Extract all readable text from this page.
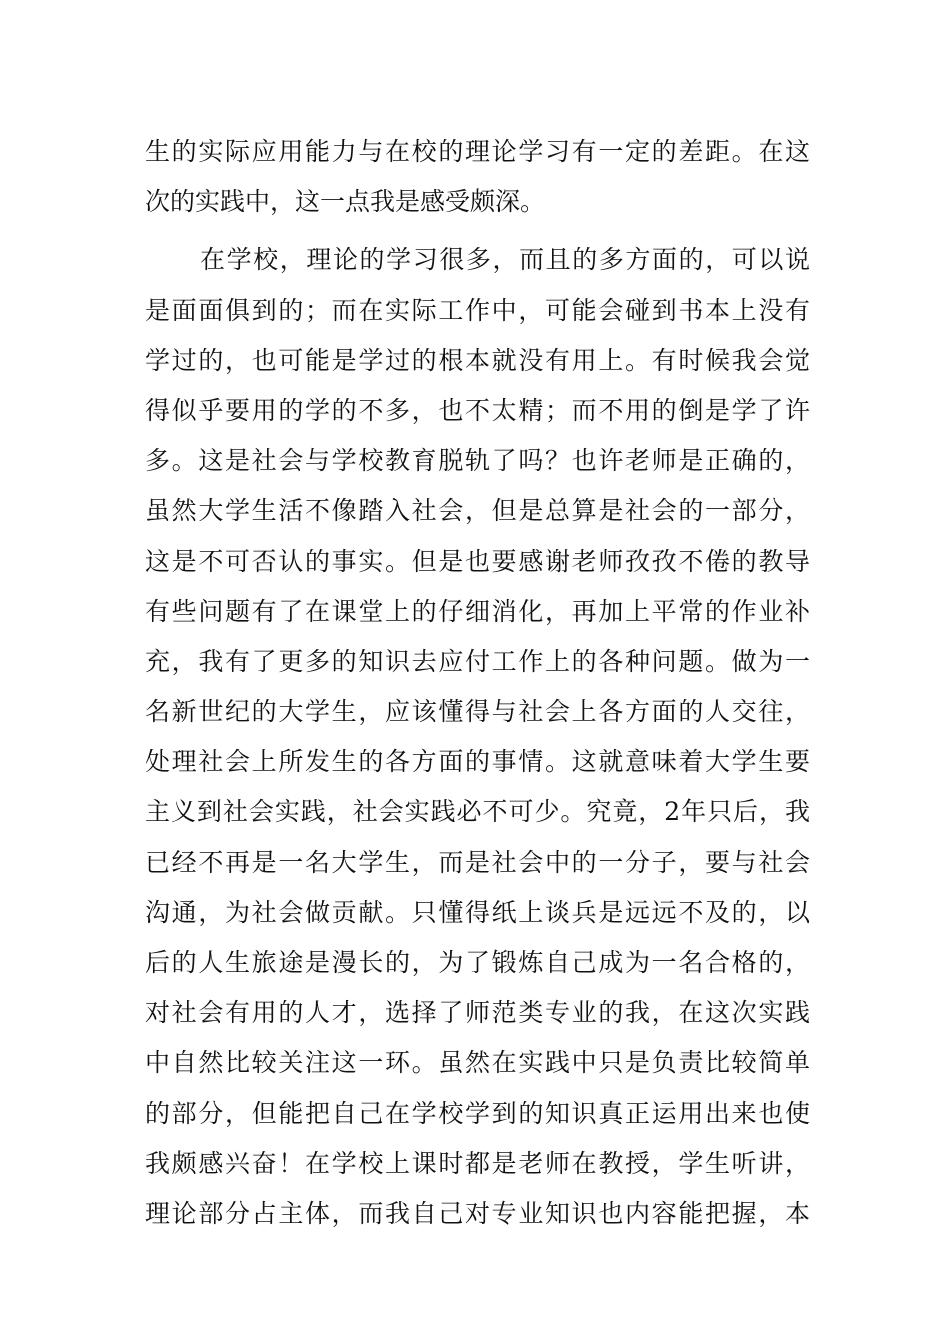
生的实际应用能力与在校的理论学习有一定的差距。在这
次的实践中，这一点我是感受颇深。
在学校，理论的学习很多，而且的多方面的，可以说
是面面俱到的；而在实际工作中，可能会碰到书本上没有
学过的，也可能是学过的根本就没有用上。有时候我会觉
得似乎要用的学的不多，也不太精；而不用的倒是学了许
多。这是社会与学校教育脱轨了吗？也许老师是正确的，
虽然大学生活不像踏入社会，但是总算是社会的一部分，
这是不可否认的事实。但是也要感谢老师孜孜不倦的教导
有些问题有了在课堂上的仔细消化，再加上平常的作业补
充，我有了更多的知识去应付工作上的各种问题。做为一
名新世纪的大学生，应该懂得与社会上各方面的人交往，
处理社会上所发生的各方面的事情。这就意味着大学生要
主义到社会实践，社会实践必不可少。究竟，2年只后，我
已经不再是一名大学生，而是社会中的一分子，要与社会
沟通，为社会做贡献。只懂得纸上谈兵是远远不及的，以
后的人生旅途是漫长的，为了锻炼自己成为一名合格的，
对社会有用的人才，选择了师范类专业的我，在这次实践
中自然比较关注这一环。虽然在实践中只是负责比较简单
的部分，但能把自己在学校学到的知识真正运用出来也使
我颇感兴奋！在学校上课时都是老师在教授，学生听讲，
理论部分占主体，而我自己对专业知识也内容能把握，本
